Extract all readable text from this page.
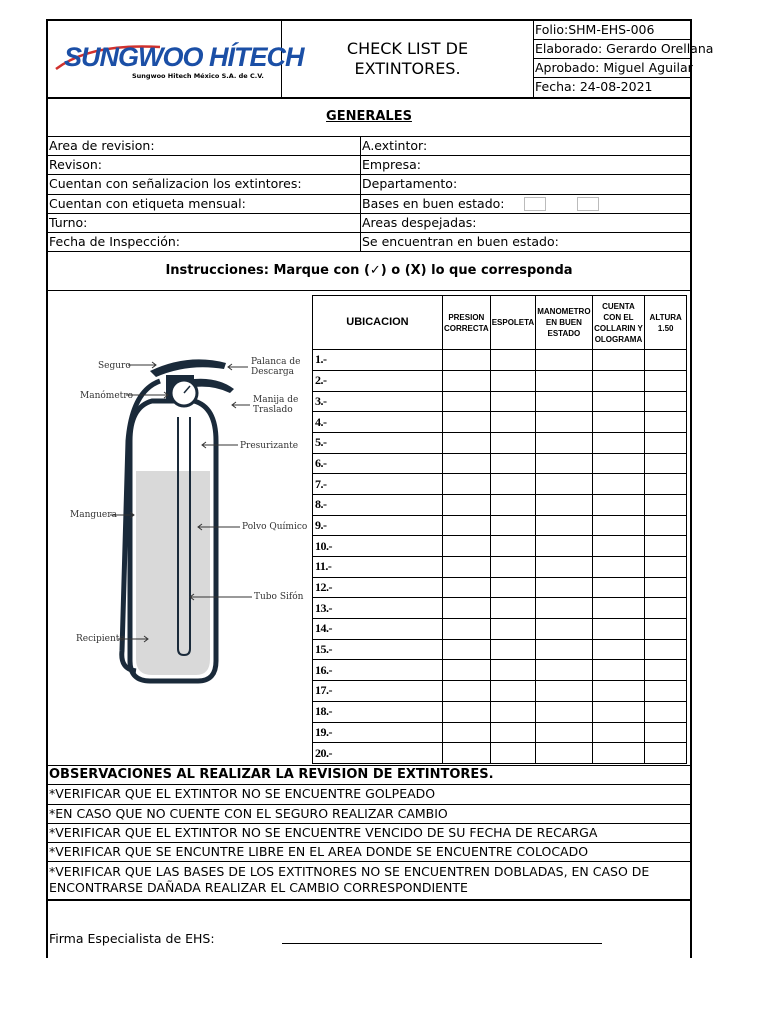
SUNGWOO HÍTECH
Sungwoo Hitech México S.A. de C.V.
CHECK LIST DE EXTINTORES.
Folio:SHM-EHS-006
Elaborado: Gerardo Orellana
Aprobado: Miguel Aguilar
Fecha: 24-08-2021
GENERALES
Area de revision:	A.extintor:
Revison:	Empresa:
Cuentan con señalizacion los extintores:	Departamento:
Cuentan con etiqueta mensual:	Bases en buen estado:
Turno:	Areas despejadas:
Fecha de Inspección:	Se encuentran en buen estado:
Instrucciones: Marque con (✓) o (X) lo que corresponda
Seguro	Palanca de Descarga
Manómetro	Manija de Traslado
Presurizante
Manguera
Polvo Químico
Tubo Sifón
Recipiente
UBICACION	PRESION CORRECTA	ESPOLETA	MANOMETRO EN BUEN ESTADO	CUENTA CON EL COLLARIN Y OLOGRAMA	ALTURA 1.50
1.-					
2.-					
3.-					
4.-					
5.-					
6.-					
7.-					
8.-					
9.-					
10.-					
11.-					
12.-					
13.-					
14.-					
15.-					
16.-					
17.-					
18.-					
19.-					
20.-					
OBSERVACIONES AL REALIZAR LA REVISION DE EXTINTORES.
*VERIFICAR QUE EL EXTINTOR NO SE ENCUENTRE GOLPEADO
*EN CASO QUE NO CUENTE CON EL SEGURO REALIZAR CAMBIO
*VERIFICAR QUE EL EXTINTOR NO SE ENCUENTRE VENCIDO DE SU FECHA DE RECARGA
*VERIFICAR QUE SE ENCUNTRE LIBRE EN EL AREA DONDE SE ENCUENTRE COLOCADO
*VERIFICAR QUE LAS BASES DE LOS EXTITNORES NO SE ENCUENTREN DOBLADAS, EN CASO DE ENCONTRARSE DAÑADA REALIZAR EL CAMBIO CORRESPONDIENTE
Firma Especialista de EHS:
